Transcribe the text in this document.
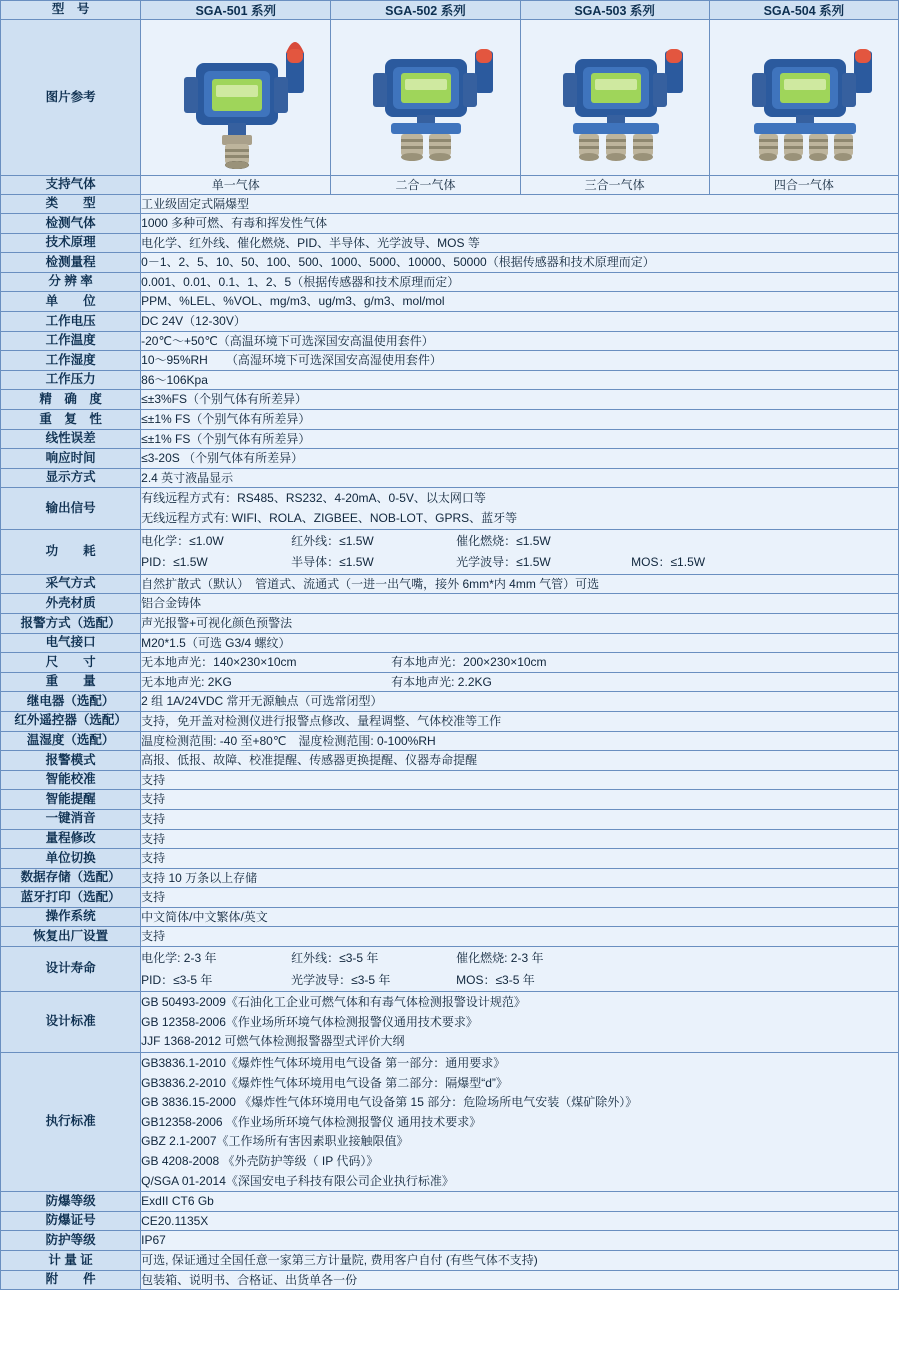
型　号	SGA-501 系列	SGA-502 系列	SGA-503 系列	SGA-504 系列
图片参考	

支持气体	单一气体	二合一气体	三合一气体	四合一气体
类　　型	工业级固定式隔爆型			
检测气体	1000 多种可燃、有毒和挥发性气体			
技术原理	电化学、红外线、催化燃烧、PID、半导体、光学波导、MOS 等			
检测量程	0－1、2、5、10、50、100、500、1000、5000、10000、50000（根据传感器和技术原理而定）			
分 辨 率	0.001、0.01、0.1、1、2、5（根据传感器和技术原理而定）			
单　　位	PPM、%LEL、%VOL、mg/m3、ug/m3、g/m3、mol/mol			
工作电压	DC 24V（12-30V）			
工作温度	-20℃～+50℃（高温环境下可选深国安高温使用套件）			
工作湿度	10～95%RH　　（高湿环境下可选深国安高湿使用套件）			
工作压力	86～106Kpa			
精　确　度	≤±3%FS（个别气体有所差异）			
重　复　性	≤±1% FS（个别气体有所差异）			
线性误差	≤±1% FS（个别气体有所差异）			
响应时间	≤3-20S （个别气体有所差异）			
显示方式	2.4 英寸液晶显示			
输出信号	有线远程方式有：RS485、RS232、4-20mA、0-5V、以太网口等
无线远程方式有: WIFI、ROLA、ZIGBEE、NOB-LOT、GPRS、蓝牙等			

功　　耗	
电化学：≤1.0W	红外线：≤1.5W	催化燃烧：≤1.5W
PID：≤1.5W	半导体：≤1.5W	光学波导：≤1.5W	MOS：≤1.5W

采气方式	自然扩散式（默认）　管道式、流通式（一进一出气嘴，接外 6mm*内 4mm 气管）可选			
外壳材质	铝合金铸体			
报警方式（选配）	声光报警+可视化颜色预警法			
电气接口	M20*1.5（可选 G3/4 螺纹）			
尺　　寸	无本地声光：140×230×10cm 有本地声光：200×230×10cm			

重　　量	无本地声光: 2KG 有本地声光: 2.2KG			

继电器（选配）	2 组 1A/24VDC 常开无源触点（可选常闭型）			
红外遥控器（选配）	支持，免开盖对检测仪进行报警点修改、量程调整、气体校准等工作			
温湿度（选配）	温度检测范围: -40 至+80℃　湿度检测范围: 0-100%RH			
报警模式	高报、低报、故障、校准提醒、传感器更换提醒、仪器寿命提醒			
智能校准	支持			
智能提醒	支持			
一键消音	支持			
量程修改	支持			
单位切换	支持			
数据存储（选配）	支持 10 万条以上存储			
蓝牙打印（选配）	支持			
操作系统	中文简体/中文繁体/英文			
恢复出厂设置	支持			
设计寿命	
电化学: 2-3 年	红外线：≤3-5 年	催化燃烧: 2-3 年
PID：≤3-5 年	光学波导：≤3-5 年	MOS：≤3-5 年

设计标准	GB 50493-2009《石油化工企业可燃气体和有毒气体检测报警设计规范》
GB 12358-2006《作业场所环境气体检测报警仪通用技术要求》
JJF 1368-2012 可燃气体检测报警器型式评价大纲			

执行标准	
GB3836.1-2010《爆炸性气体环境用电气设备 第一部分：通用要求》
GB3836.2-2010《爆炸性气体环境用电气设备 第二部分：隔爆型“d”》
GB 3836.15-2000 《爆炸性气体环境用电气设备第 15 部分：危险场所电气安装（煤矿除外）》
GB12358-2006 《作业场所环境气体检测报警仪 通用技术要求》
GBZ 2.1-2007《工作场所有害因素职业接触限值》
GB 4208-2008 《外壳防护等级（ IP 代码）》
Q/SGA 01-2014《深国安电子科技有限公司企业执行标准》

防爆等级	ExdII CT6 Gb			
防爆证号	CE20.1135X			
防护等级	IP67			
计 量 证	可选, 保证通过全国任意一家第三方计量院, 费用客户自付 (有些气体不支持)			
附　　件	包装箱、说明书、合格证、出货单各一份			
